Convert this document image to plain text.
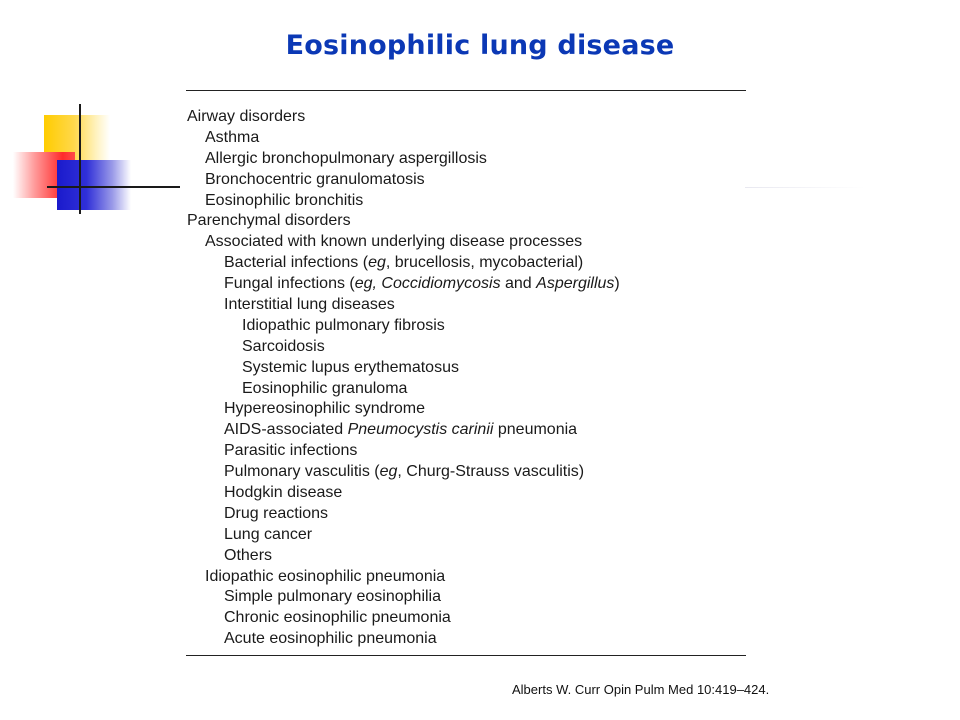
Eosinophilic lung disease
Airway disorders
Asthma
Allergic bronchopulmonary aspergillosis
Bronchocentric granulomatosis
Eosinophilic bronchitis
Parenchymal disorders
Associated with known underlying disease processes
Bacterial infections (eg, brucellosis, mycobacterial)
Fungal infections (eg, Coccidiomycosis and Aspergillus)
Interstitial lung diseases
Idiopathic pulmonary fibrosis
Sarcoidosis
Systemic lupus erythematosus
Eosinophilic granuloma
Hypereosinophilic syndrome
AIDS-associated Pneumocystis carinii pneumonia
Parasitic infections
Pulmonary vasculitis (eg, Churg-Strauss vasculitis)
Hodgkin disease
Drug reactions
Lung cancer
Others
Idiopathic eosinophilic pneumonia
Simple pulmonary eosinophilia
Chronic eosinophilic pneumonia
Acute eosinophilic pneumonia
Alberts W. Curr Opin Pulm Med 10:419–424.
